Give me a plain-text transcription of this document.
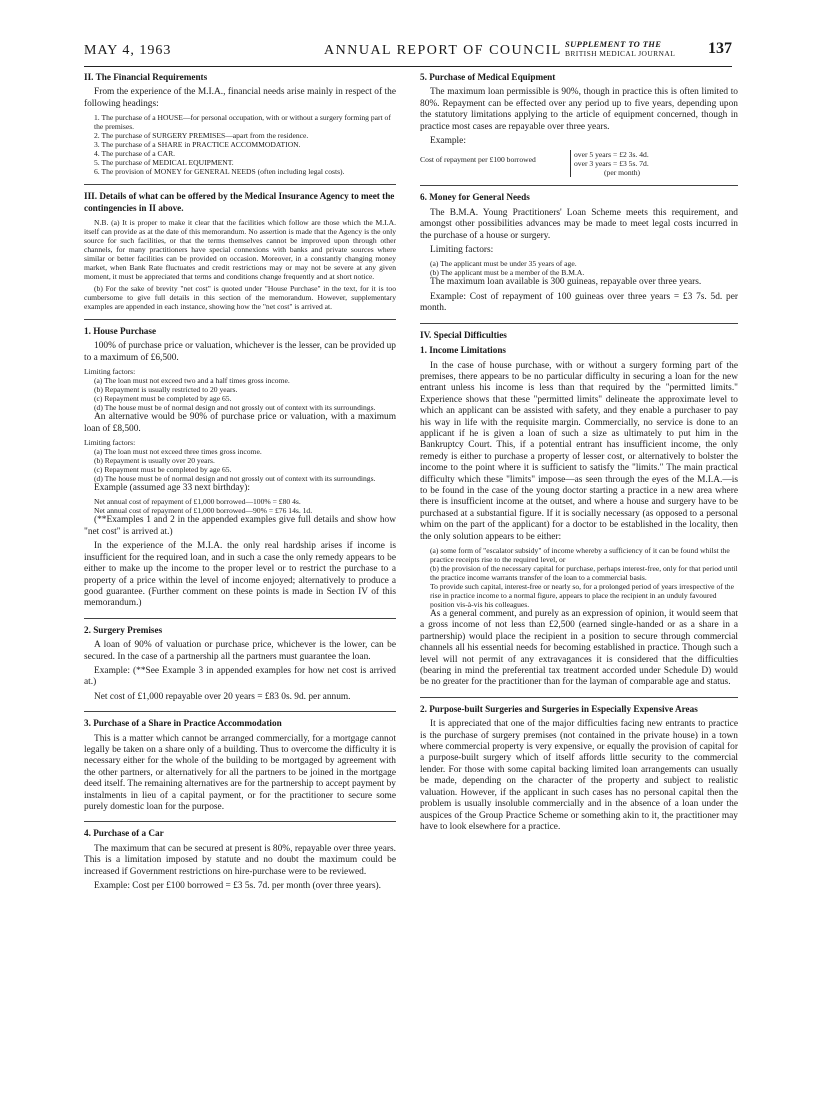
MAY 4, 1963	ANNUAL REPORT OF COUNCIL SUPPLEMENT TO THE
BRITISH MEDICAL JOURNAL 137
II. The Financial Requirements

From the experience of the M.I.A., financial needs arise mainly in respect of the following headings:

1. The purchase of a HOUSE—for personal occupation, with or without a surgery forming part of the premises.
2. The purchase of SURGERY PREMISES—apart from the residence.
3. The purchase of a SHARE in PRACTICE ACCOMMODATION.
4. The purchase of a CAR.
5. The purchase of MEDICAL EQUIPMENT.
6. The provision of MONEY for GENERAL NEEDS (often including legal costs).
III. Details of what can be offered by the Medical Insurance Agency to meet the contingencies in II above.

N.B. (a) It is proper to make it clear that the facilities which follow are those which the M.I.A. itself can provide as at the date of this memorandum. No assertion is made that the Agency is the only source for such facilities, or that the terms themselves cannot be improved upon through other channels, for many practitioners have special connexions with banks and private sources where similar or better facilities can be provided on occasion. Moreover, in a constantly changing money market, when Bank Rate fluctuates and credit restrictions may or may not be severe at any given moment, it must be appreciated that terms and conditions change frequently and at short notice.

(b) For the sake of brevity "net cost" is quoted under "House Purchase" in the text, for it is too cumbersome to give full details in this section of the memorandum. However, supplementary examples are appended in each instance, showing how the "net cost" is arrived at.

1. House Purchase

100% of purchase price or valuation, whichever is the lesser, can be provided up to a maximum of £6,500.

Limiting factors:
(a) The loan must not exceed two and a half times gross income.
(b) Repayment is usually restricted to 20 years.
(c) Repayment must be completed by age 65.
(d) The house must be of normal design and not grossly out of context with its surroundings.

An alternative would be 90% of purchase price or valuation, with a maximum loan of £8,500.

Limiting factors:
(a) The loan must not exceed three times gross income.
(b) Repayment is usually over 20 years.
(c) Repayment must be completed by age 65.
(d) The house must be of normal design and not grossly out of context with its surroundings.

Example (assumed age 33 next birthday):

Net annual cost of repayment of £1,000 borrowed—100% = £80 4s.
Net annual cost of repayment of £1,000 borrowed—90% = £76 14s. 1d.

(**Examples 1 and 2 in the appended examples give full details and show how "net cost" is arrived at.)

In the experience of the M.I.A. the only real hardship arises if income is insufficient for the required loan, and in such a case the only remedy appears to be either to make up the income to the proper level or to restrict the purchase to a property of a price within the level of income enjoyed; alternatively to produce a good guarantee. (Further comment on these points is made in Section IV of this memorandum.)

2. Surgery Premises

A loan of 90% of valuation or purchase price, whichever is the lower, can be secured. In the case of a partnership all the partners must guarantee the loan.

Example: (**See Example 3 in appended examples for how net cost is arrived at.)

Net cost of £1,000 repayable over 20 years = £83 0s. 9d. per annum.

3. Purchase of a Share in Practice Accommodation

This is a matter which cannot be arranged commercially, for a mortgage cannot legally be taken on a share only of a building. Thus to overcome the difficulty it is necessary either for the whole of the building to be mortgaged by agreement with the other partners, or alternatively for all the partners to be joined in the mortgage deed itself. The remaining alternatives are for the partnership to accept payment by instalments in lieu of a capital payment, or for the practitioner to secure some purely domestic loan for the purpose.

4. Purchase of a Car

The maximum that can be secured at present is 80%, repayable over three years. This is a limitation imposed by statute and no doubt the maximum could be increased if Government restrictions on hire-purchase were to be reviewed.

Example: Cost per £100 borrowed = £3 5s. 7d. per month (over three years).

5. Purchase of Medical Equipment

The maximum loan permissible is 90%, though in practice this is often limited to 80%. Repayment can be effected over any period up to five years, depending upon the statutory limitations applying to the article of equipment concerned, though in practice most cases are repayable over three years.

Example:

Cost of repayment per £100 borrowed
over 5 years = £2 3s. 4d.
over 3 years = £3 5s. 7d.
(per month)
6. Money for General Needs

The B.M.A. Young Practitioners' Loan Scheme meets this requirement, and amongst other possibilities advances may be made to meet legal costs incurred in the purchase of a house or surgery.

Limiting factors:

(a) The applicant must be under 35 years of age.
(b) The applicant must be a member of the B.M.A.

The maximum loan available is 300 guineas, repayable over three years.

Example: Cost of repayment of 100 guineas over three years = £3 7s. 5d. per month.

IV. Special Difficulties
1. Income Limitations

In the case of house purchase, with or without a surgery forming part of the premises, there appears to be no particular difficulty in securing a loan for the new entrant unless his income is less than that required by the "permitted limits." Experience shows that these "permitted limits" delineate the approximate level to which an applicant can be assisted with safety, and they enable a purchaser to pay his way in life with the requisite margin. Commercially, no service is done to an applicant if he is given a loan of such a size as ultimately to put him in the Bankruptcy Court. This, if a potential entrant has insufficient income, the only remedy is either to purchase a property of lesser cost, or alternatively to bolster the income to the point where it is sufficient to satisfy the "limits." The main practical difficulty which these "limits" impose—as seen through the eyes of the M.I.A.—is to be found in the case of the young doctor starting a practice in a new area where there is insufficient income at the outset, and where a house and surgery have to be purchased at a substantial figure. If it is socially necessary (as opposed to a personal whim on the part of the applicant) for a doctor to be established in the locality, then the only solution appears to be either:

(a) some form of "escalator subsidy" of income whereby a sufficiency of it can be found whilst the practice receipts rise to the required level, or
(b) the provision of the necessary capital for purchase, perhaps interest-free, only for that period until the practice income warrants transfer of the loan to a commercial basis.
To provide such capital, interest-free or nearly so, for a prolonged period of years irrespective of the rise in practice income to a normal figure, appears to place the recipient in an unduly favoured position vis-à-vis his colleagues.

As a general comment, and purely as an expression of opinion, it would seem that a gross income of not less than £2,500 (earned single-handed or as a share in a partnership) would place the recipient in a position to secure through commercial channels all his essential needs for becoming established in practice. Though such a level will not permit of any extravagances it is considered that the difficulties (bearing in mind the preferential tax treatment accorded under Schedule D) would be no greater for the practitioner than for the layman of comparable age and status.

2. Purpose-built Surgeries and Surgeries in Especially Expensive Areas

It is appreciated that one of the major difficulties facing new entrants to practice is the purchase of surgery premises (not contained in the private house) in a town where commercial property is very expensive, or equally the provision of capital for a purpose-built surgery which of itself affords little security to the commercial lender. For those with some capital backing limited loan arrangements can usually be made, depending on the character of the property and subject to realistic valuation. However, if the applicant in such cases has no personal capital then the problem is usually insoluble commercially and in the absence of a loan under the auspices of the Group Practice Scheme or something akin to it, the practitioner may have to look elsewhere for a practice.
